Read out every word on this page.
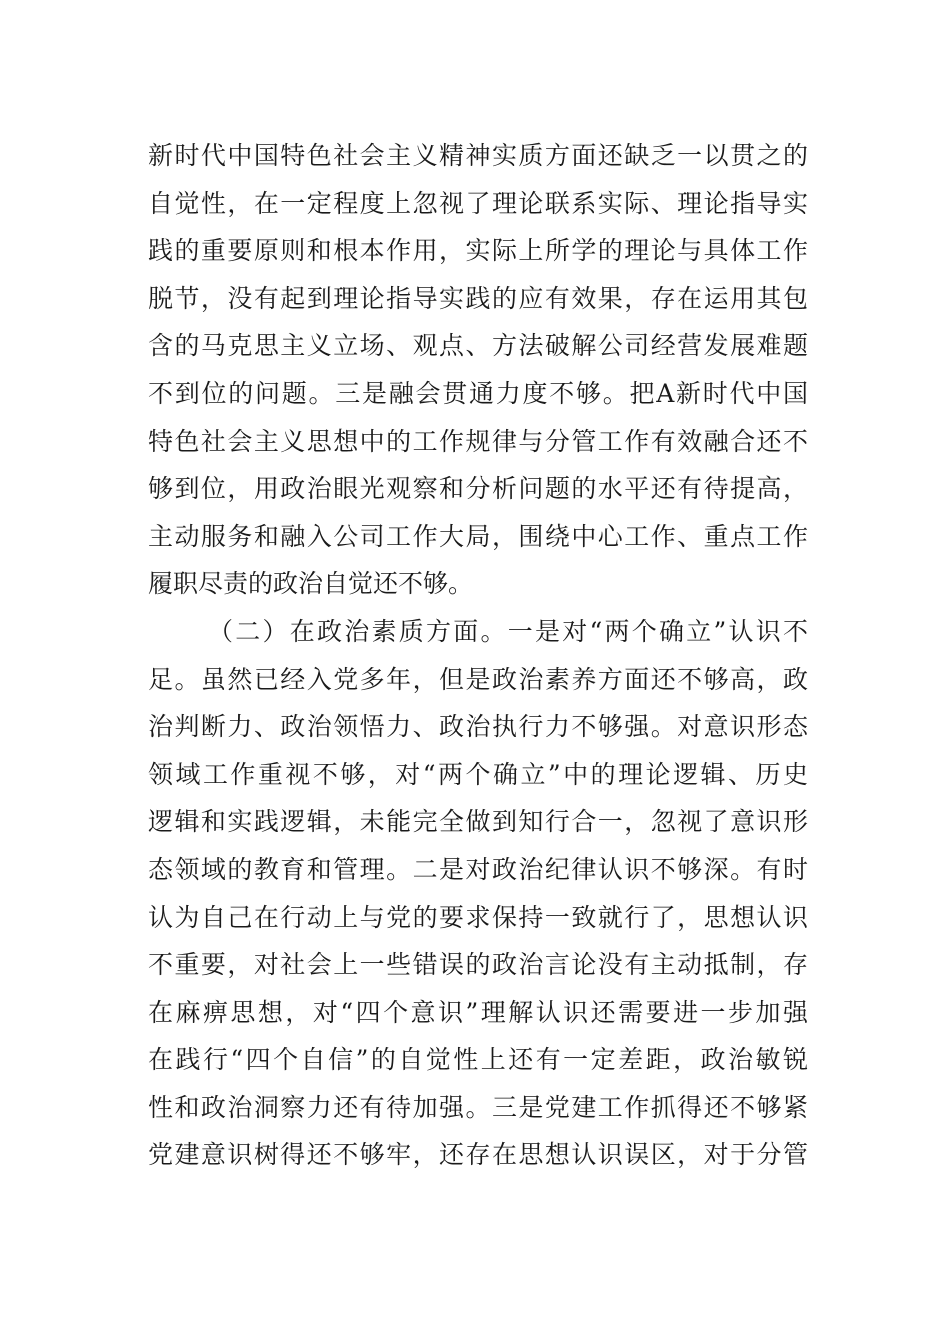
新时代中国特色社会主义精神实质方面还缺乏一以贯之的
自觉性，在一定程度上忽视了理论联系实际、理论指导实
践的重要原则和根本作用，实际上所学的理论与具体工作
脱节，没有起到理论指导实践的应有效果，存在运用其包
含的马克思主义立场、观点、方法破解公司经营发展难题
不到位的问题。三是融会贯通力度不够。把A新时代中国
特色社会主义思想中的工作规律与分管工作有效融合还不
够到位，用政治眼光观察和分析问题的水平还有待提高，
主动服务和融入公司工作大局，围绕中心工作、重点工作
履职尽责的政治自觉还不够。
（二）在政治素质方面。一是对“两个确立”认识不
足。虽然已经入党多年，但是政治素养方面还不够高，政
治判断力、政治领悟力、政治执行力不够强。对意识形态
领域工作重视不够，对“两个确立”中的理论逻辑、历史
逻辑和实践逻辑，未能完全做到知行合一，忽视了意识形
态领域的教育和管理。二是对政治纪律认识不够深。有时
认为自己在行动上与党的要求保持一致就行了，思想认识
不重要，对社会上一些错误的政治言论没有主动抵制，存
在麻痹思想，对“四个意识”理解认识还需要进一步加强
在践行“四个自信”的自觉性上还有一定差距，政治敏锐
性和政治洞察力还有待加强。三是党建工作抓得还不够紧
党建意识树得还不够牢，还存在思想认识误区，对于分管
